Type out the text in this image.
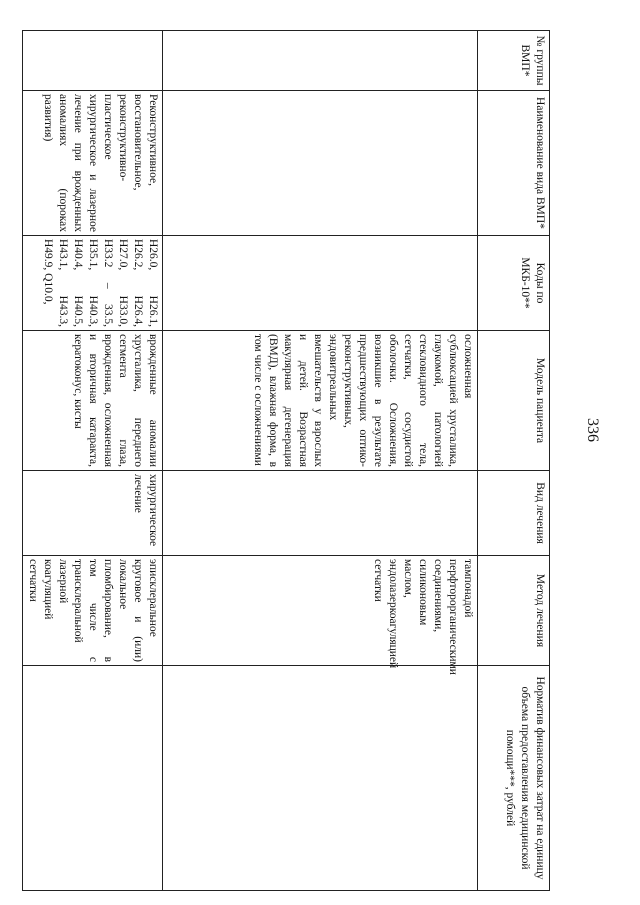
336
№ группы ВМП*	Наименование вида ВМП*	Коды по МКБ-10**	Модель пациента	Вид лечения	Метод лечения	Норматив финансовых затрат на единицу объема предоставления медицинской помощи***, рублей
			осложненная сублюксацией хрусталика, глаукомой, патологией стекловидного тела, сетчатки, сосудистой оболочки. Осложнения, возникшие в результате предшествующих оптико-реконструктивных, эндовитреальных вмешательств у взрослых и детей. Возрастная макулярная дегенерация (ВМД), влажная форма, в том числе с осложнениями		тампонадой перфторорганическими соединениями, силиконовым маслом, эндолазеркоагуляцией сетчатки	
	Реконструктивное, восстановительное, реконструктивно-пластическое хирургическое и лазерное лечение при врожденных аномалиях (пороках развития)	H26.0, H26.1, H26.2, H26.4, H27.0, H33.0, H33.2 – 33.5, H35.1, H40.3, H40.4, H40.5, H43.1, H43.3, H49.9, Q10.0,	врожденные аномалии хрусталика, переднего сегмента глаза, врожденная, осложненная и вторичная катаракта, кератоконус, кисты	хирургическое лечение	эписклеральное круговое и (или) локальное пломбирование, в том числе с трансклеральной лазерной коагуляцией сетчатки	
